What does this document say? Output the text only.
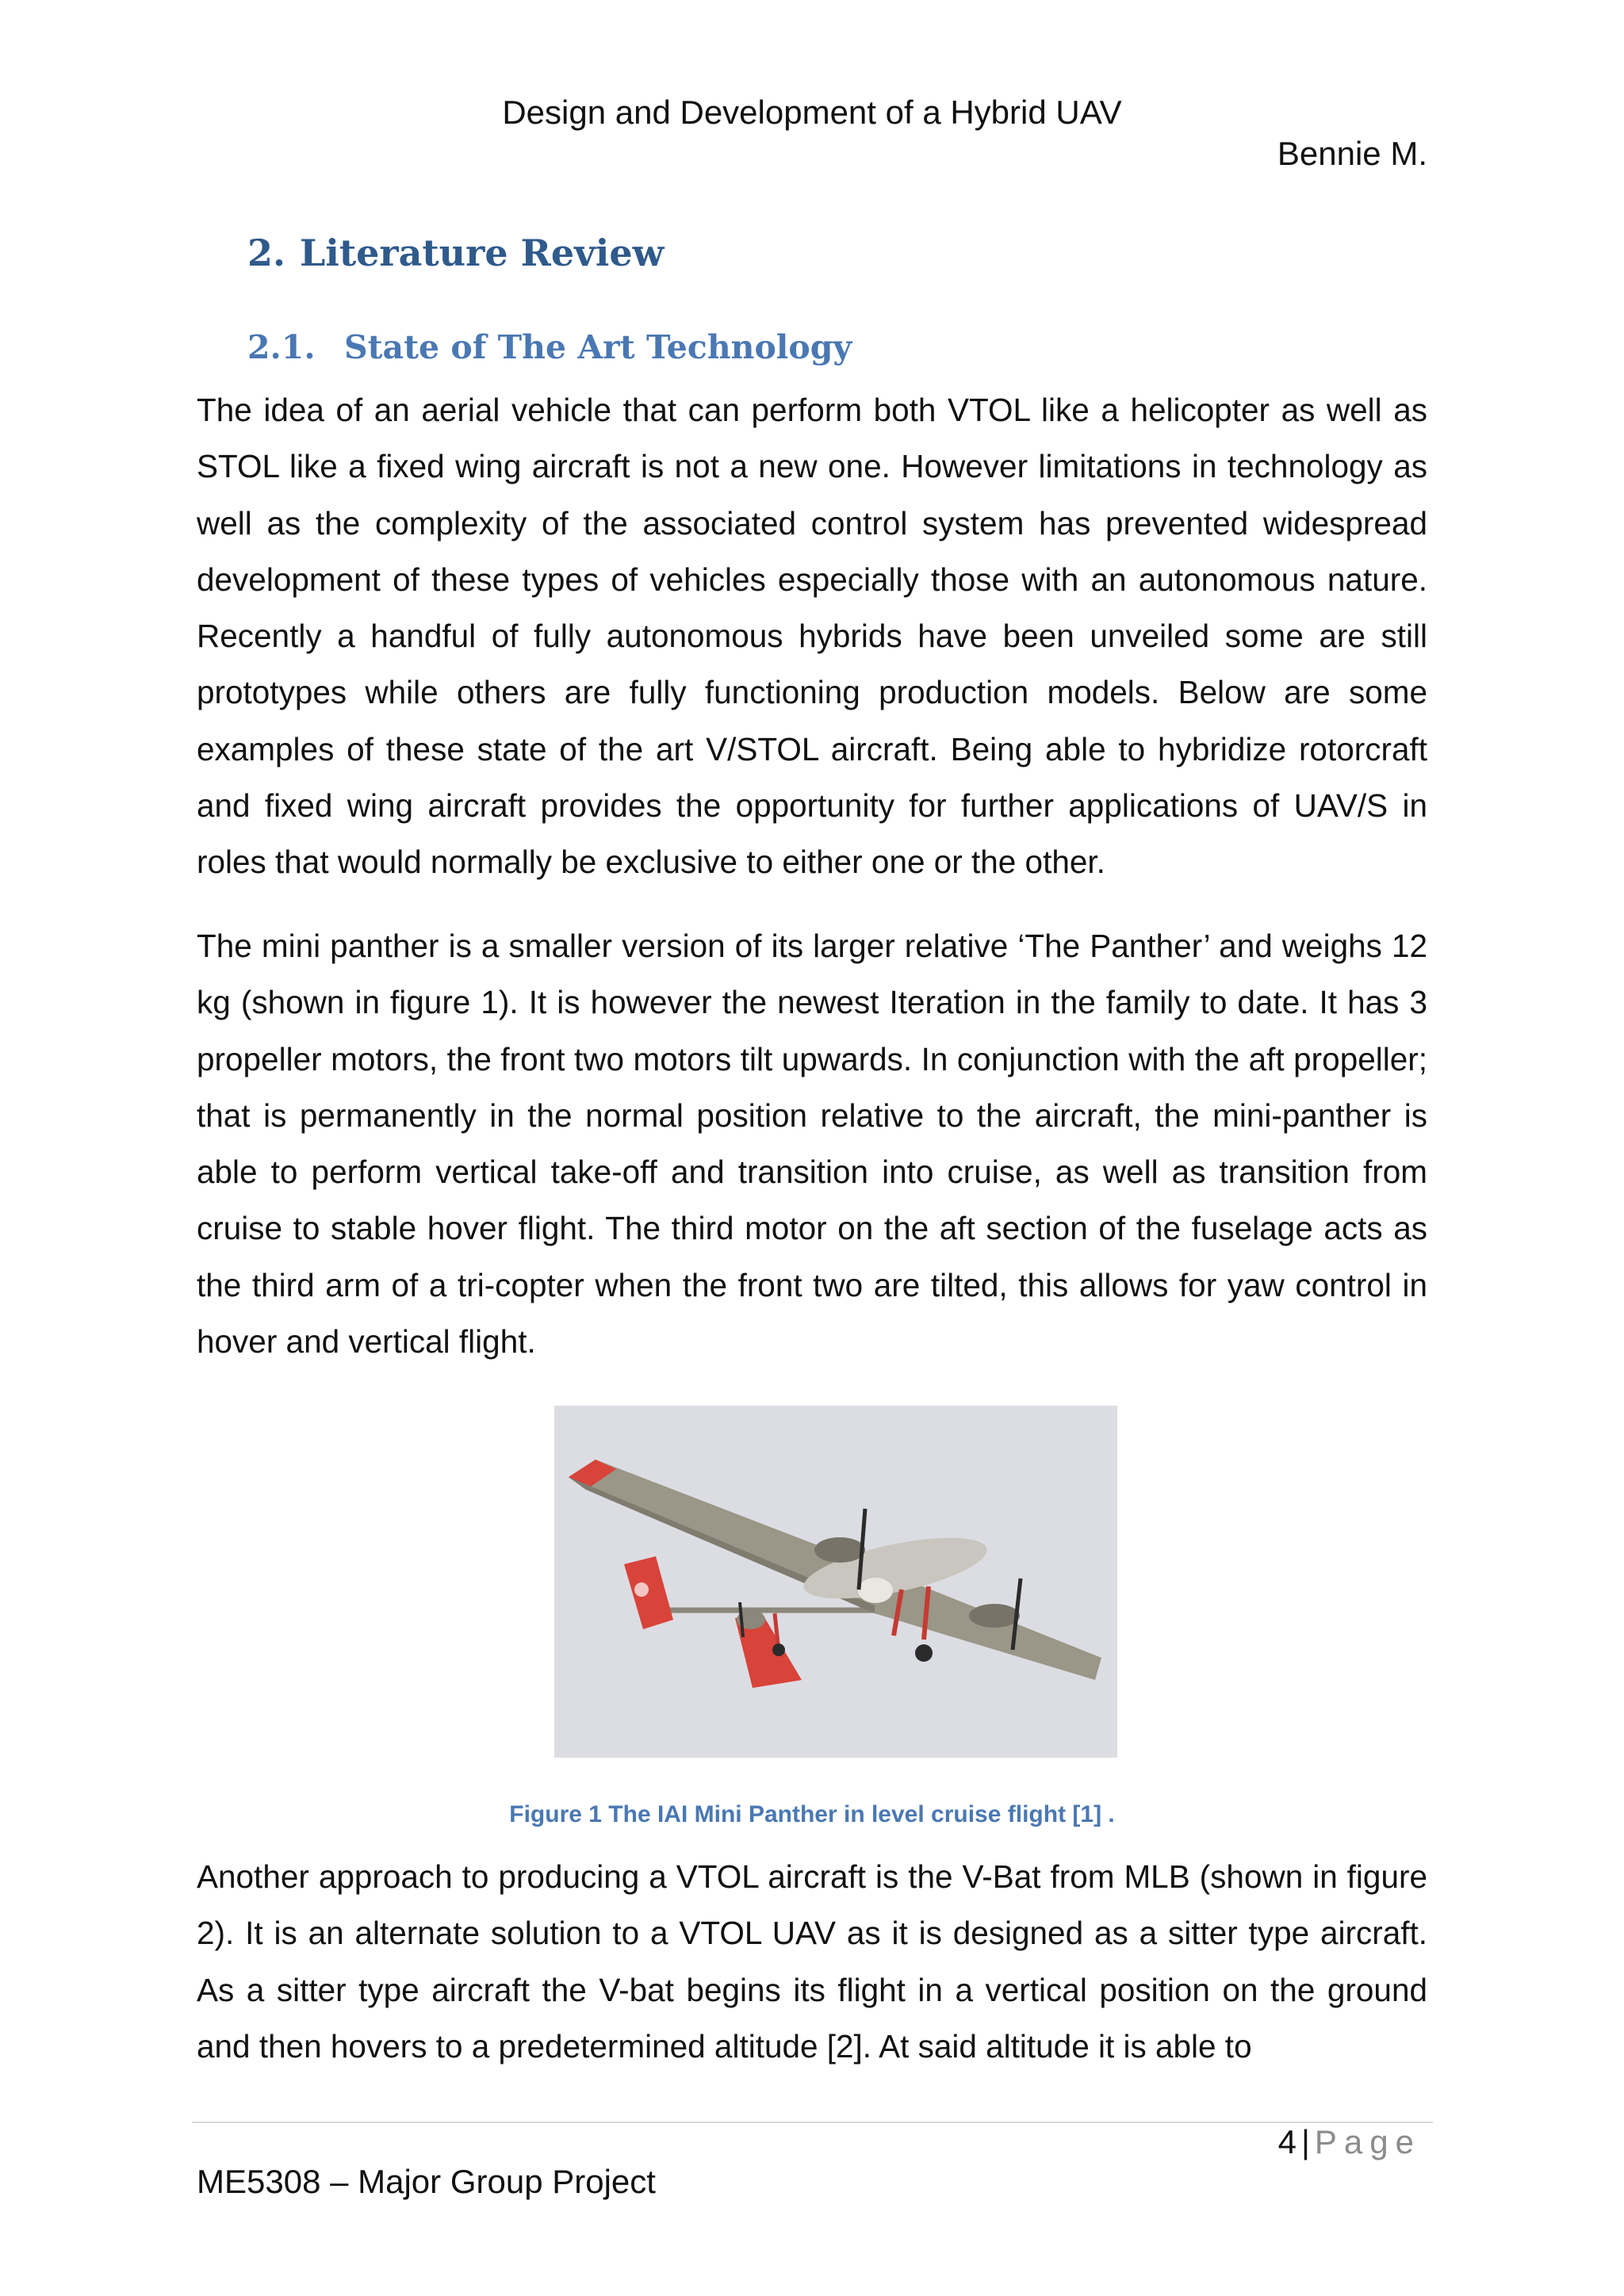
Design and Development of a Hybrid UAV
Bennie M.
2. Literature Review
2.1. State of The Art Technology

The idea of an aerial vehicle that can perform both VTOL like a helicopter as well as STOL like a fixed wing aircraft is not a new one. However limitations in technology as well as the complexity of the associated control system has prevented widespread development of these types of vehicles especially those with an autonomous nature. Recently a handful of fully autonomous hybrids have been unveiled some are still prototypes while others are fully functioning production models. Below are some examples of these state of the art V/STOL aircraft. Being able to hybridize rotorcraft and fixed wing aircraft provides the opportunity for further applications of UAV/S in roles that would normally be exclusive to either one or the other.

The mini panther is a smaller version of its larger relative ‘The Panther’ and weighs 12 kg (shown in figure 1). It is however the newest Iteration in the family to date. It has 3 propeller motors, the front two motors tilt upwards. In conjunction with the aft propeller; that is permanently in the normal position relative to the aircraft, the mini-panther is able to perform vertical take-off and transition into cruise, as well as transition from cruise to stable hover flight. The third motor on the aft section of the fuselage acts as the third arm of a tri-copter when the front two are tilted, this allows for yaw control in hover and vertical flight.

Figure 1 The IAI Mini Panther in level cruise flight [1] .

Another approach to producing a VTOL aircraft is the V-Bat from MLB (shown in figure 2). It is an alternate solution to a VTOL UAV as it is designed as a sitter type aircraft. As a sitter type aircraft the V-bat begins its flight in a vertical position on the ground and then hovers to a predetermined altitude [2]. At said altitude it is able to

4 | Page
ME5308 – Major Group Project
